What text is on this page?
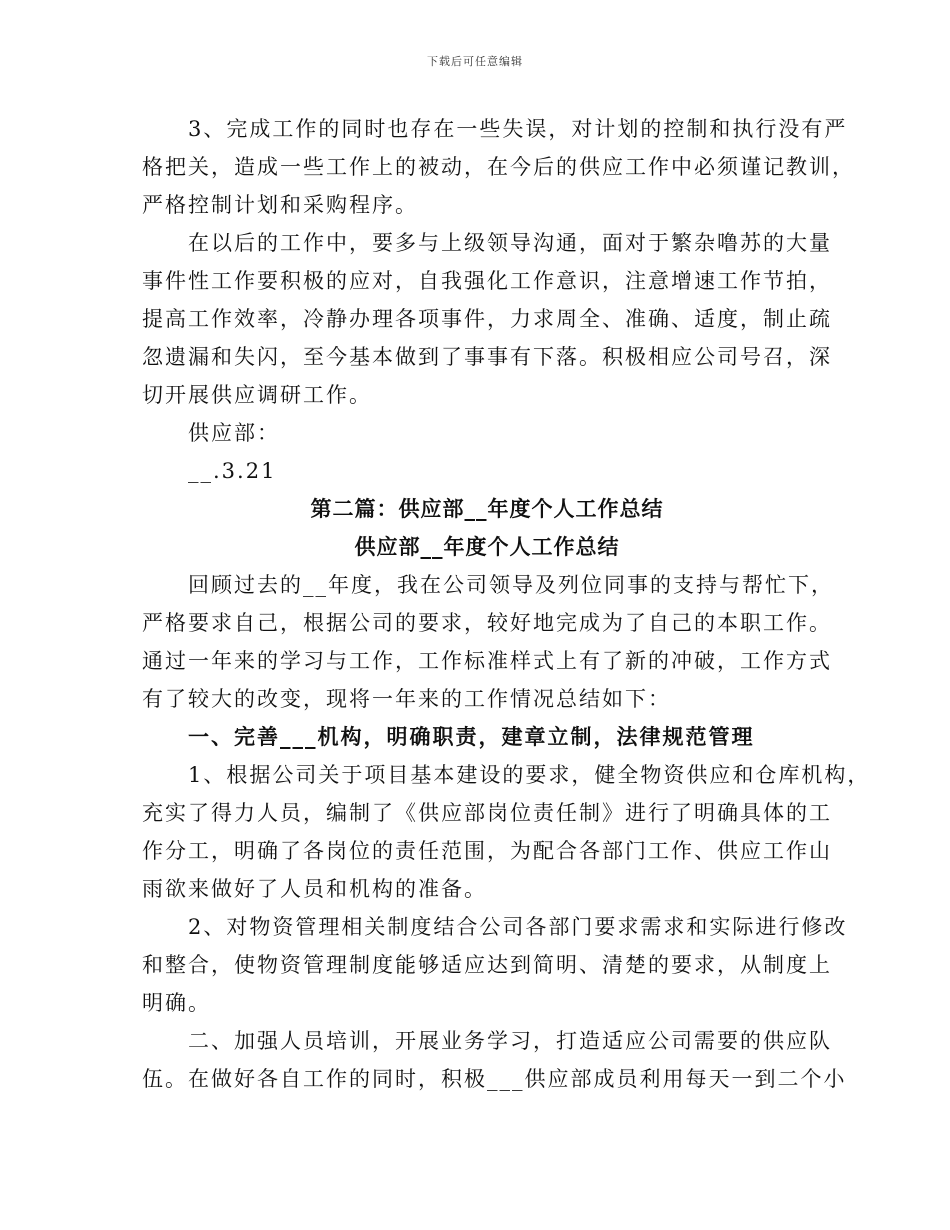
下载后可任意编辑
3、完成工作的同时也存在一些失误，对计划的控制和执行没有严
格把关，造成一些工作上的被动，在今后的供应工作中必须谨记教训，
严格控制计划和采购程序。
在以后的工作中，要多与上级领导沟通，面对于繁杂噜苏的大量
事件性工作要积极的应对，自我强化工作意识，注意增速工作节拍，
提高工作效率，冷静办理各项事件，力求周全、准确、适度，制止疏
忽遗漏和失闪，至今基本做到了事事有下落。积极相应公司号召，深
切开展供应调研工作。
供应部：
__.3.21
第二篇：供应部__年度个人工作总结
供应部__年度个人工作总结
回顾过去的__年度，我在公司领导及列位同事的支持与帮忙下，
严格要求自己，根据公司的要求，较好地完成为了自己的本职工作。
通过一年来的学习与工作，工作标准样式上有了新的冲破，工作方式
有了较大的改变，现将一年来的工作情况总结如下：
一、完善___机构，明确职责，建章立制，法律规范管理
1、根据公司关于项目基本建设的要求，健全物资供应和仓库机构，
充实了得力人员，编制了《供应部岗位责任制》进行了明确具体的工
作分工，明确了各岗位的责任范围，为配合各部门工作、供应工作山
雨欲来做好了人员和机构的准备。
2、对物资管理相关制度结合公司各部门要求需求和实际进行修改
和整合，使物资管理制度能够适应达到简明、清楚的要求，从制度上
明确。
二、加强人员培训，开展业务学习，打造适应公司需要的供应队
伍。在做好各自工作的同时，积极___供应部成员利用每天一到二个小
